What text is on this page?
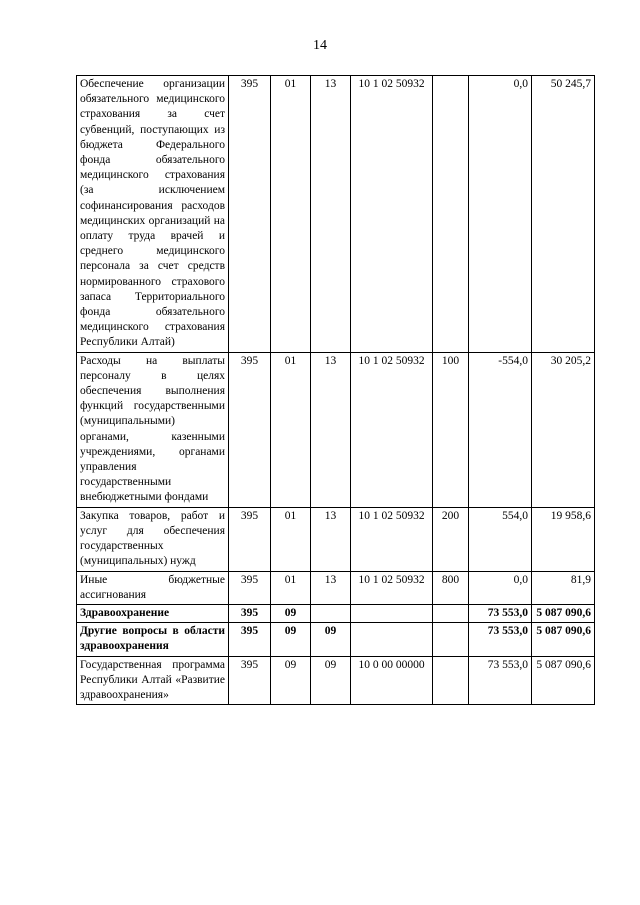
14
Обеспечение организации обязательного медицинского страхования за счет субвенций, поступающих из бюджета Федерального фонда обязательного медицинского страхования (за исключением софинансирования расходов медицинских организаций на оплату труда врачей и среднего медицинского персонала за счет средств нормированного страхового запаса Территориального фонда обязательного медицинского страхования Республики Алтай)	395	01	13	10 1 02 50932		0,0	50 245,7
Расходы на выплаты персоналу в целях обеспечения выполнения функций государственными (муниципальными) органами, казенными учреждениями, органами управления государственными внебюджетными фондами	395	01	13	10 1 02 50932	100	-554,0	30 205,2
Закупка товаров, работ и услуг для обеспечения государственных (муниципальных) нужд	395	01	13	10 1 02 50932	200	554,0	19 958,6
Иные бюджетные ассигнования	395	01	13	10 1 02 50932	800	0,0	81,9
Здравоохранение	395	09				73 553,0	5 087 090,6
Другие вопросы в области здравоохранения	395	09	09			73 553,0	5 087 090,6
Государственная программа Республики Алтай «Развитие здравоохранения»	395	09	09	10 0 00 00000		73 553,0	5 087 090,6
